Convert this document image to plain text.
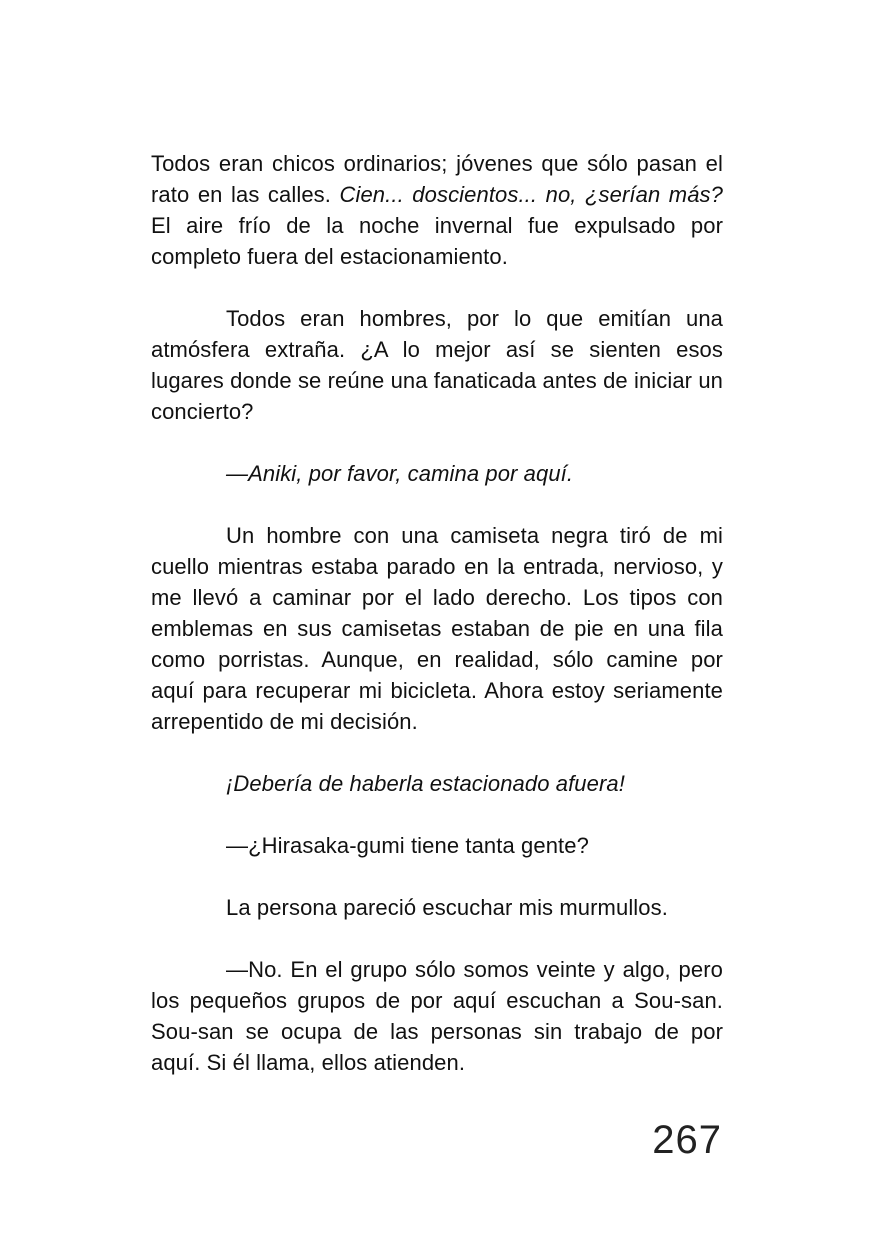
Todos eran chicos ordinarios; jóvenes que sólo pasan el rato en las calles. Cien... doscientos... no, ¿serían más? El aire frío de la noche invernal fue expulsado por completo fuera del estacionamiento.

Todos eran hombres, por lo que emitían una atmósfera extraña. ¿A lo mejor así se sienten esos lugares donde se reúne una fanaticada antes de iniciar un concierto?

—Aniki, por favor, camina por aquí.

Un hombre con una camiseta negra tiró de mi cuello mientras estaba parado en la entrada, nervioso, y me llevó a caminar por el lado derecho. Los tipos con emblemas en sus camisetas estaban de pie en una fila como porristas. Aunque, en realidad, sólo camine por aquí para recuperar mi bicicleta. Ahora estoy seriamente arrepentido de mi decisión.

¡Debería de haberla estacionado afuera!

—¿Hirasaka-gumi tiene tanta gente?

La persona pareció escuchar mis murmullos.

—No. En el grupo sólo somos veinte y algo, pero los pequeños grupos de por aquí escuchan a Sou-san. Sou-san se ocupa de las personas sin trabajo de por aquí. Si él llama, ellos atienden.

267
